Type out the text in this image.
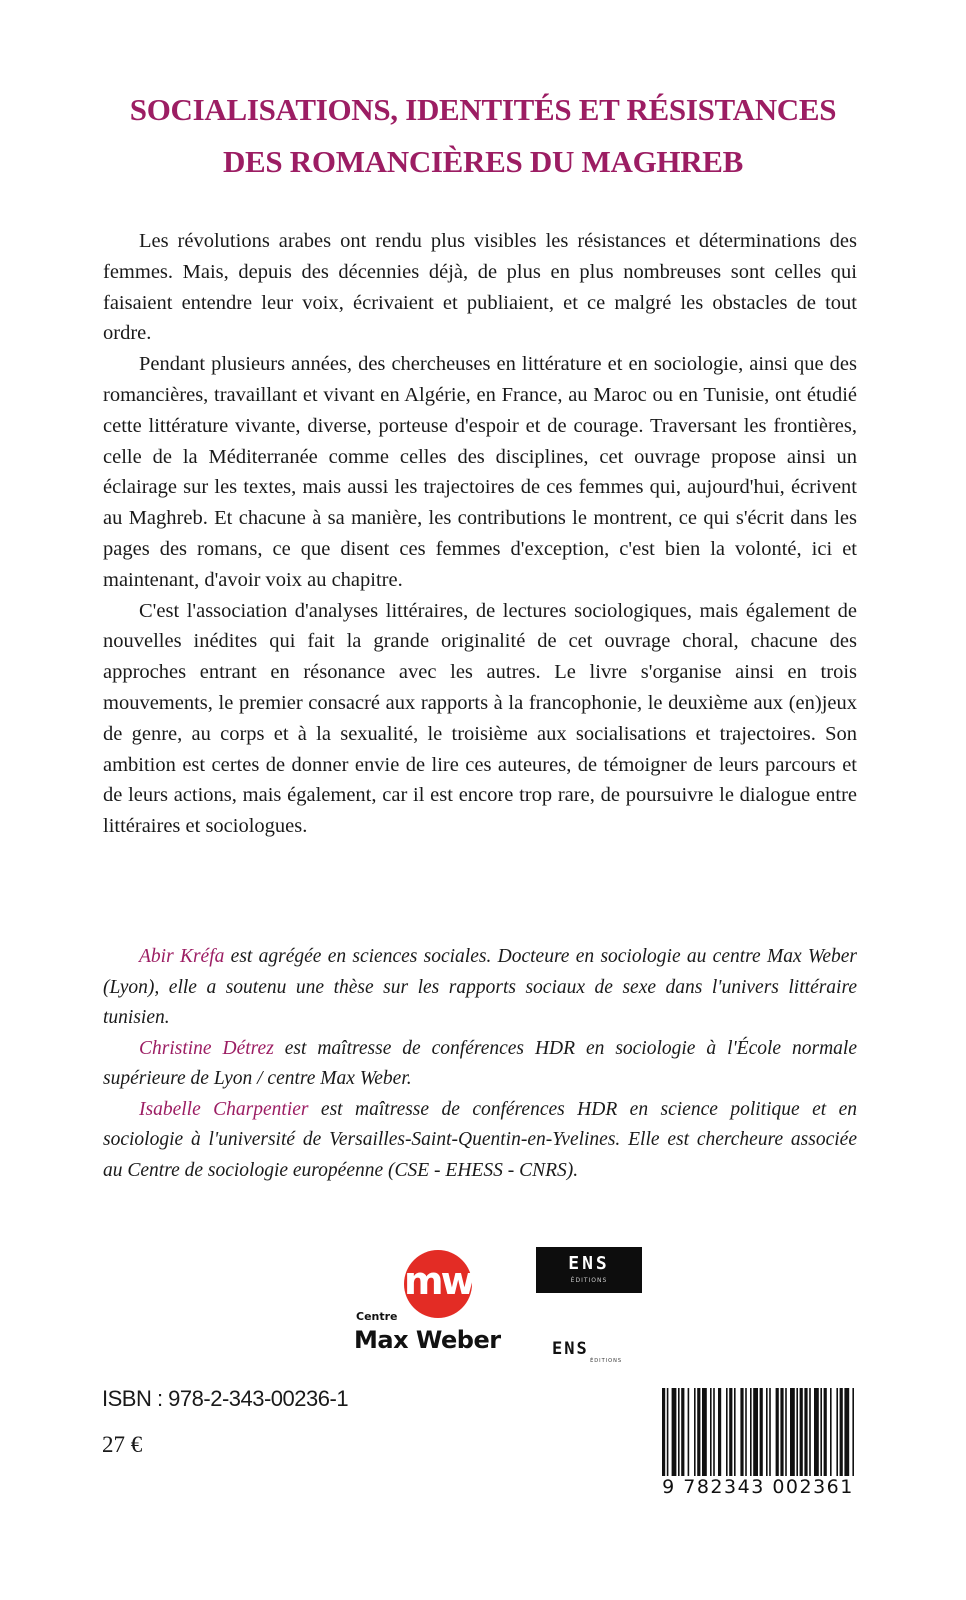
SOCIALISATIONS, IDENTITÉS ET RÉSISTANCES
DES ROMANCIÈRES DU MAGHREB

Les révolutions arabes ont rendu plus visibles les résistances et déterminations des femmes. Mais, depuis des décennies déjà, de plus en plus nombreuses sont celles qui faisaient entendre leur voix, écrivaient et publiaient, et ce malgré les obstacles de tout ordre.

Pendant plusieurs années, des chercheuses en littérature et en sociologie, ainsi que des romancières, travaillant et vivant en Algérie, en France, au Maroc ou en Tunisie, ont étudié cette littérature vivante, diverse, porteuse d'espoir et de courage. Traversant les frontières, celle de la Méditerranée comme celles des disciplines, cet ouvrage propose ainsi un éclairage sur les textes, mais aussi les trajectoires de ces femmes qui, aujourd'hui, écrivent au Maghreb. Et chacune à sa manière, les contributions le montrent, ce qui s'écrit dans les pages des romans, ce que disent ces femmes d'exception, c'est bien la volonté, ici et maintenant, d'avoir voix au chapitre.

C'est l'association d'analyses littéraires, de lectures sociologiques, mais également de nouvelles inédites qui fait la grande originalité de cet ouvrage choral, chacune des approches entrant en résonance avec les autres. Le livre s'organise ainsi en trois mouvements, le premier consacré aux rapports à la francophonie, le deuxième aux (en)jeux de genre, au corps et à la sexualité, le troisième aux socialisations et trajectoires. Son ambition est certes de donner envie de lire ces auteures, de témoigner de leurs parcours et de leurs actions, mais également, car il est encore trop rare, de poursuivre le dialogue entre littéraires et sociologues.

Abir Kréfa est agrégée en sciences sociales. Docteure en sociologie au centre Max Weber (Lyon), elle a soutenu une thèse sur les rapports sociaux de sexe dans l'univers littéraire tunisien.

Christine Détrez est maîtresse de conférences HDR en sociologie à l'École normale supérieure de Lyon / centre Max Weber.

Isabelle Charpentier est maîtresse de conférences HDR en science politique et en sociologie à l'université de Versailles-Saint-Quentin-en-Yvelines. Elle est chercheure associée au Centre de sociologie européenne (CSE - EHESS - CNRS).

mw
Centre
Max Weber
ENS
ÉDITIONS
ENS
ÉDITIONS
ISBN : 978-2-343-00236-1
27 €
9 782343 002361
